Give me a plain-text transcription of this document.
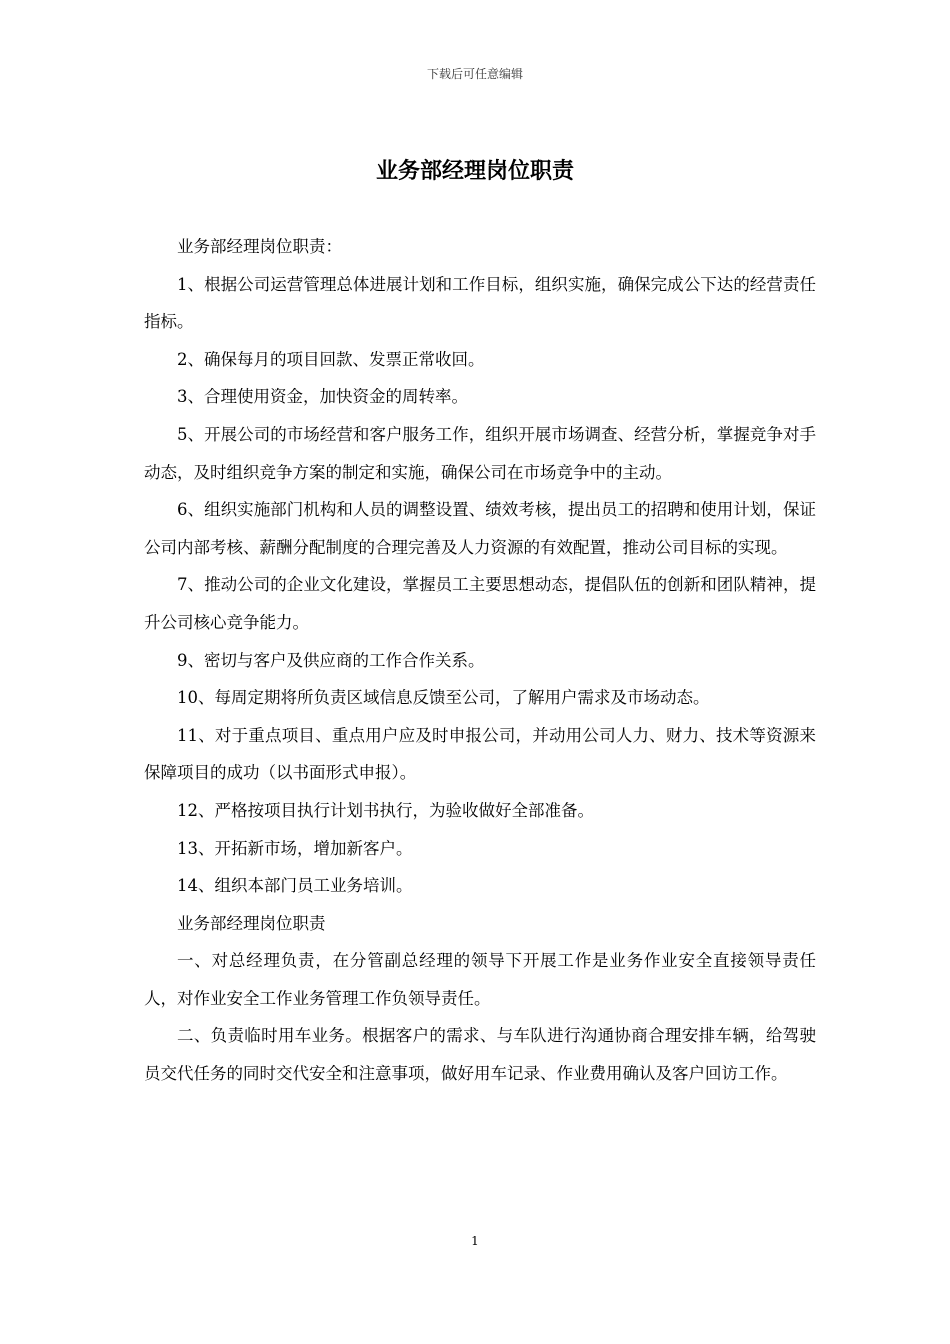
下载后可任意编辑
业务部经理岗位职责

业务部经理岗位职责：

1、根据公司运营管理总体进展计划和工作目标，组织实施，确保完成公下达的经营责任指标。

2、确保每月的项目回款、发票正常收回。

3、合理使用资金，加快资金的周转率。

5、开展公司的市场经营和客户服务工作，组织开展市场调查、经营分析，掌握竞争对手动态，及时组织竞争方案的制定和实施，确保公司在市场竞争中的主动。

6、组织实施部门机构和人员的调整设置、绩效考核，提出员工的招聘和使用计划，保证公司内部考核、薪酬分配制度的合理完善及人力资源的有效配置，推动公司目标的实现。

7、推动公司的企业文化建设，掌握员工主要思想动态，提倡队伍的创新和团队精神，提升公司核心竞争能力。

9、密切与客户及供应商的工作合作关系。

10、每周定期将所负责区域信息反馈至公司，了解用户需求及市场动态。

11、对于重点项目、重点用户应及时申报公司，并动用公司人力、财力、技术等资源来保障项目的成功（以书面形式申报）。

12、严格按项目执行计划书执行，为验收做好全部准备。

13、开拓新市场，增加新客户。

14、组织本部门员工业务培训。

业务部经理岗位职责

一、对总经理负责，在分管副总经理的领导下开展工作是业务作业安全直接领导责任人，对作业安全工作业务管理工作负领导责任。

二、负责临时用车业务。根据客户的需求、与车队进行沟通协商合理安排车辆，给驾驶员交代任务的同时交代安全和注意事项，做好用车记录、作业费用确认及客户回访工作。

1
